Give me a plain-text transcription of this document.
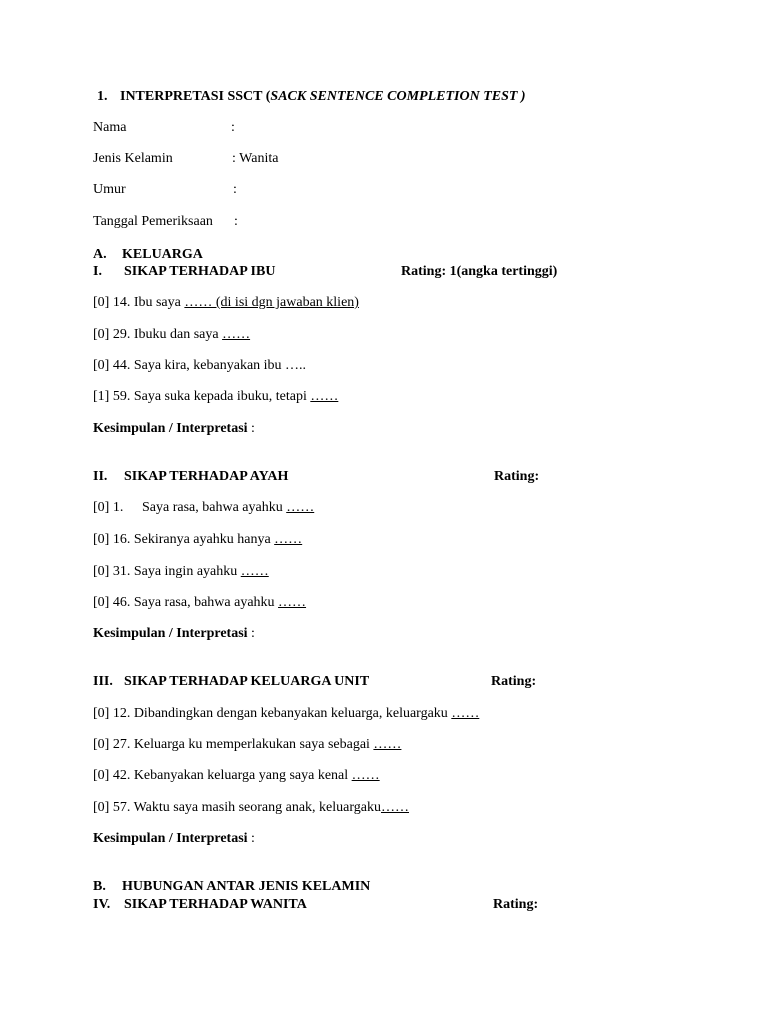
1. INTERPRETASI SSCT (SACK SENTENCE COMPLETION TEST )
Nama	:
Jenis Kelamin	: Wanita
Umur	:
Tanggal Pemeriksaan :
A. KELUARGA
I. SIKAP TERHADAP IBU	Rating: 1(angka tertinggi)
[0] 14. Ibu saya …… (di isi dgn jawaban klien)
[0] 29. Ibuku dan saya ……
[0] 44. Saya kira, kebanyakan ibu …..
[1] 59. Saya suka kepada ibuku, tetapi ……
Kesimpulan / Interpretasi :
II. SIKAP TERHADAP AYAH	Rating:
[0] 1. Saya rasa, bahwa ayahku ……
[0] 16. Sekiranya ayahku hanya ……
[0] 31. Saya ingin ayahku ……
[0] 46. Saya rasa, bahwa ayahku ……
Kesimpulan / Interpretasi :
III. SIKAP TERHADAP KELUARGA UNIT	Rating:
[0] 12. Dibandingkan dengan kebanyakan keluarga, keluargaku ……
[0] 27. Keluarga ku memperlakukan saya sebagai ……
[0] 42. Kebanyakan keluarga yang saya kenal ……
[0] 57. Waktu saya masih seorang anak, keluargaku……
Kesimpulan / Interpretasi :
B. HUBUNGAN ANTAR JENIS KELAMIN
IV. SIKAP TERHADAP WANITA	Rating:
